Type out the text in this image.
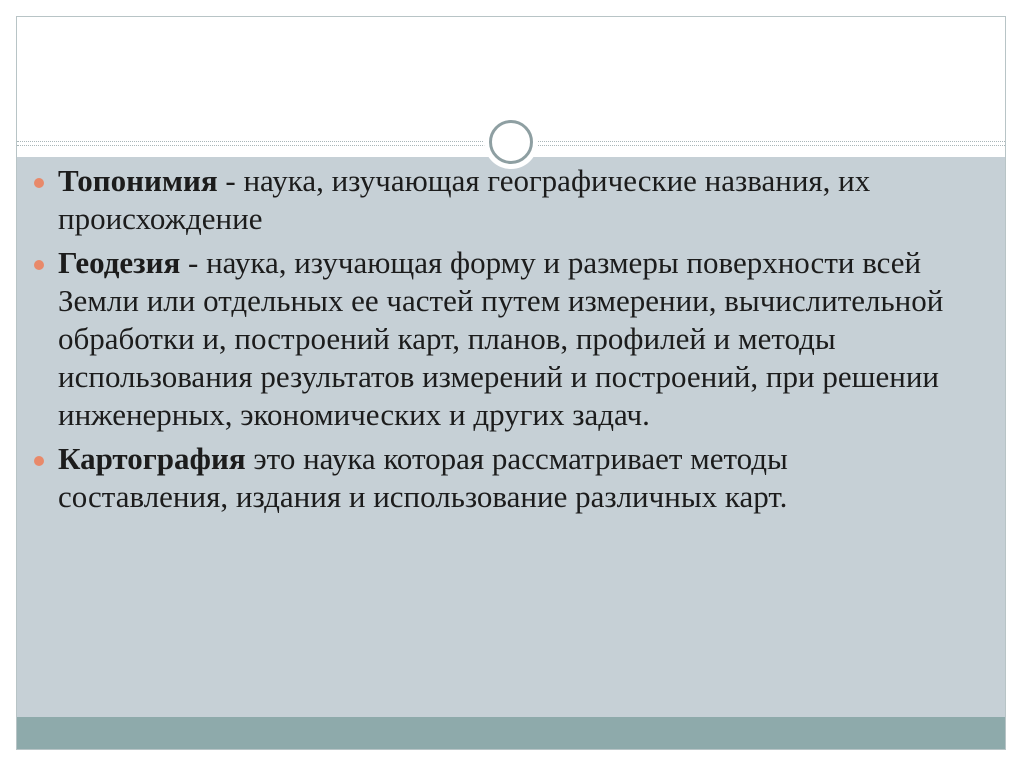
Топонимия - наука, изучающая географические названия, их происхождение
Геодезия - наука, изучающая форму и размеры поверхности всей Земли или отдельных ее частей путем измерении, вычислительной обработки и, построений карт, планов, профилей и методы использования результатов измерений и построений, при решении инженерных, экономических и других задач.
Картография это наука которая рассматривает методы составления, издания и использование различных карт.
